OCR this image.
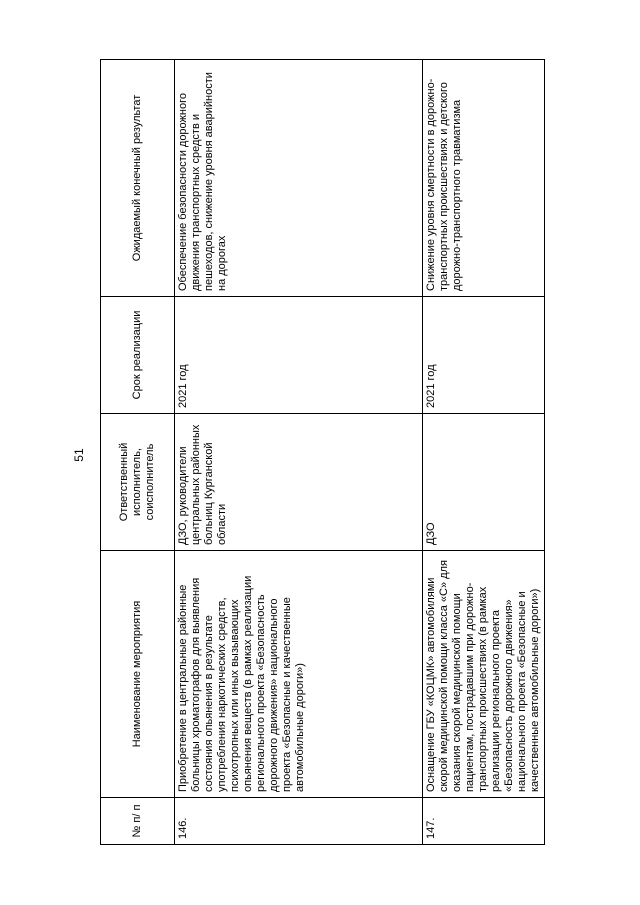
51
№ п/ п	Наименование мероприятия	Ответственный исполнитель, соисполнитель	Срок реализации	Ожидаемый конечный результат
146.	Приобретение в центральные районные больницы хроматографов для выявления состояния опьянения в результате употребления наркотических средств, психотропных или иных вызывающих опьянения веществ (в рамках реализации регионального проекта «Безопасность дорожного движения» национального проекта «Безопасные и качественные автомобильные дороги»)	ДЗО, руководители центральных районных больниц Курганской области	2021 год	Обеспечение безопасности дорожного движения транспортных средств и пешеходов, снижение уровня аварийности на дорогах
147.	Оснащение ГБУ «КОЦМК» автомобилями скорой медицинской помощи класса «С» для оказания скорой медицинской помощи пациентам, пострадавшим при дорожно-транспортных происшествиях (в рамках реализации регионального проекта «Безопасность дорожного движения» национального проекта «Безопасные и качественные автомобильные дороги»)	ДЗО	2021 год	Снижение уровня смертности в дорожно-транспортных происшествиях и детского дорожно-транспортного травматизма
